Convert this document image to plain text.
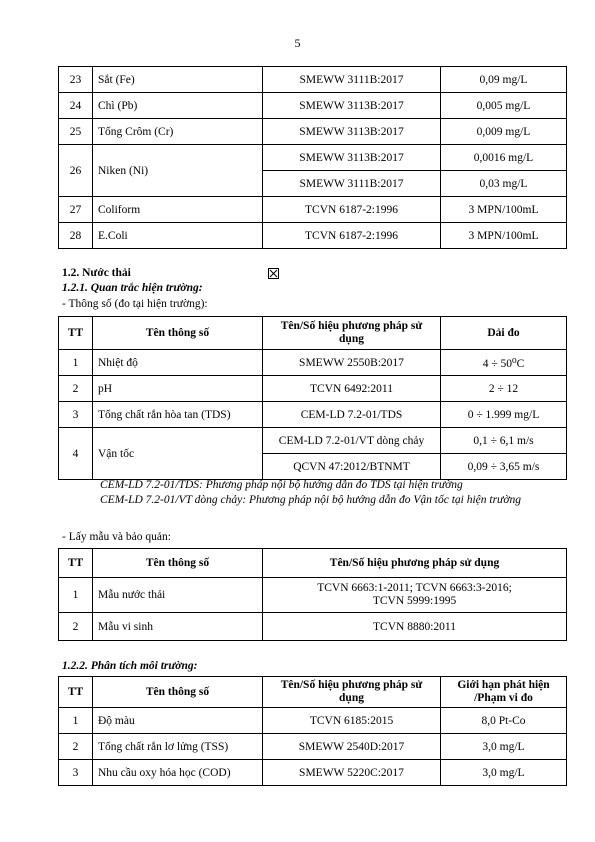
5
23	Sắt (Fe)	SMEWW 3111B:2017	0,09 mg/L
24	Chì (Pb)	SMEWW 3113B:2017	0,005 mg/L
25	Tổng Crôm (Cr)	SMEWW 3113B:2017	0,009 mg/L
26	Niken (Ni)	SMEWW 3113B:2017	0,0016 mg/L
		SMEWW 3111B:2017	0,03 mg/L
27	Coliform	TCVN 6187-2:1996	3 MPN/100mL
28	E.Coli	TCVN 6187-2:1996	3 MPN/100mL
1.2. Nước thải
1.2.1. Quan trắc hiện trường:
- Thông số (đo tại hiện trường):
TT	Tên thông số	Tên/Số hiệu phương pháp sử dụng	Dải đo
1	Nhiệt độ	SMEWW 2550B:2017	4 ÷ 50⁰C
2	pH	TCVN 6492:2011	2 ÷ 12
3	Tổng chất rắn hòa tan (TDS)	CEM-LD 7.2-01/TDS	0 ÷ 1.999 mg/L
4	Vận tốc	CEM-LD 7.2-01/VT dòng chảy	0,1 ÷ 6,1 m/s
		QCVN 47:2012/BTNMT	0,09 ÷ 3,65 m/s
CEM-LD 7.2-01/TDS: Phương pháp nội bộ hướng dẫn đo TDS tại hiện trường
CEM-LD 7.2-01/VT dòng chảy: Phương pháp nội bộ hướng dẫn đo Vận tốc tại hiện trường
- Lấy mẫu và bảo quản:
TT	Tên thông số	Tên/Số hiệu phương pháp sử dụng
1	Mẫu nước thải	TCVN 6663:1-2011; TCVN 6663:3-2016;
TCVN 5999:1995

2	Mẫu vi sinh	TCVN 8880:2011
1.2.2. Phân tích môi trường:
TT	Tên thông số	Tên/Số hiệu phương pháp sử dụng	Giới hạn phát hiện /Phạm vi đo
1	Độ màu	TCVN 6185:2015	8,0 Pt-Co
2	Tổng chất rắn lơ lửng (TSS)	SMEWW 2540D:2017	3,0 mg/L
3	Nhu cầu oxy hóa học (COD)	SMEWW 5220C:2017	3,0 mg/L
